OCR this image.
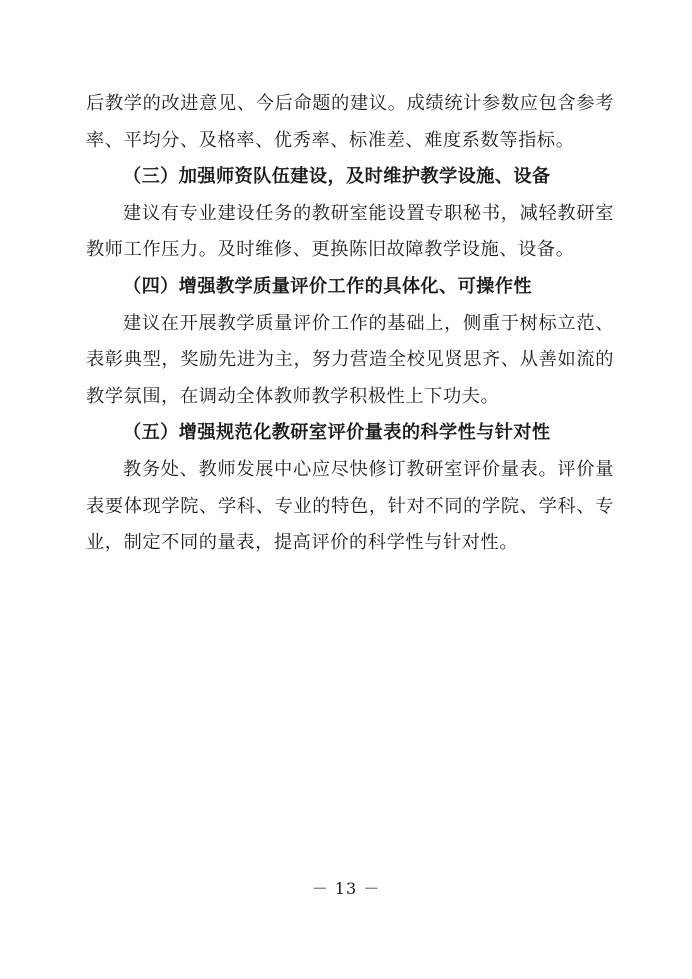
后教学的改进意见、今后命题的建议。成绩统计参数应包含参考率、平均分、及格率、优秀率、标准差、难度系数等指标。

（三）加强师资队伍建设，及时维护教学设施、设备

建议有专业建设任务的教研室能设置专职秘书，减轻教研室教师工作压力。及时维修、更换陈旧故障教学设施、设备。

（四）增强教学质量评价工作的具体化、可操作性

建议在开展教学质量评价工作的基础上，侧重于树标立范、表彰典型，奖励先进为主，努力营造全校见贤思齐、从善如流的教学氛围，在调动全体教师教学积极性上下功夫。

（五）增强规范化教研室评价量表的科学性与针对性

教务处、教师发展中心应尽快修订教研室评价量表。评价量表要体现学院、学科、专业的特色，针对不同的学院、学科、专业，制定不同的量表，提高评价的科学性与针对性。

－ 13 －
